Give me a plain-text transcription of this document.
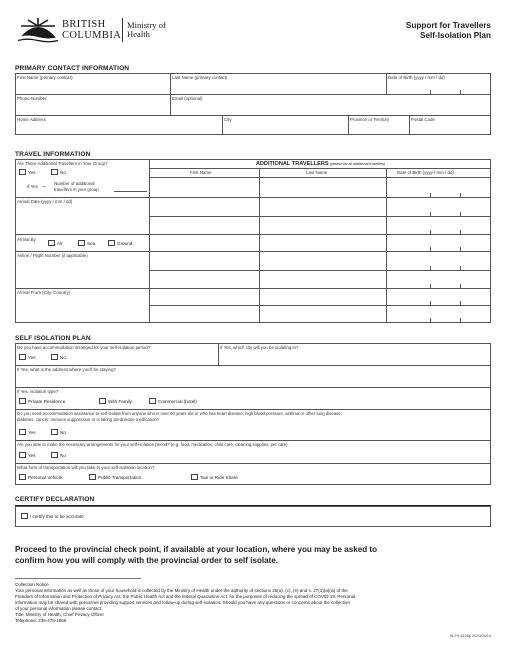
BRITISH
COLUMBIA
Ministry of
Health
Support for Travellers
Self-Isolation Plan
PRIMARY CONTACT INFORMATION
First Name (primary contact)	Last Name (primary contact)	Date of Birth (yyyy / mm / dd)
Phone Number	Email (optional)
Home Address	City	Province or Territory	Postal Code
TRAVEL INFORMATION
Are There Additional Travellers in Your Group?
Yes	No
If Yes → Number of additional
travellers in your group
Arrival Date (yyyy / mm / dd)
Arrival By
Air	Sea	Ground
Airline / Flight Number (if applicable)
Arrival From (City, Country)
ADDITIONAL TRAVELLERS (please list all additional travellers)
First Name	Last Name	Date of Birth (yyyy / mm / dd)
SELF ISOLATION PLAN
Do you have accommodation arranged for your self-isolation period?
Yes	No
If Yes, which city will you be isolating in?
If Yes, what is the address where you'll be staying?
If Yes, isolation type?
Private Residence	With Family	Commercial (hotel)
Do you need accommodation assistance to self-isolate from anyone who is over 60 years old or who has heart disease, high blood pressure, asthma or other lung disease,
diabetes, cancer, immune suppression or is taking prednisone medication?
Yes	No
Are you able to make the necessary arrangements for your self-isolation period? (e.g. food, medication, child care, cleaning supplies, pet care).
Yes	No
What form of transportation will you take to your self-isolation location?
Personal Vehicle	Public Transportation	Taxi or Ride Share
CERTIFY DECLARATION
I certify this to be accurate
Proceed to the provincial check point, if available at your location, where you may be asked to
confirm how you will comply with the provincial order to self isolate.
Collection Notice
Your personal information as well as those of your household is collected by the Ministry of Health under the authority of sections 26(a), (c), (e) and s. 27(1)(a)(iii) of the
Freedom of Information and Protection of Privacy Act, the Public Health Act and the federal Quarantine Act, for the purposes of reducing the spread of COVID-19. Personal
information may be shared with personnel providing support services and follow-up during self-isolation. Should you have any questions or concerns about the collection
of your personal information please contact:
Title: Ministry of Health, Chief Privacy Officer
Telephone: 236-478-1666
HLTH 8108p 2020/04/14
